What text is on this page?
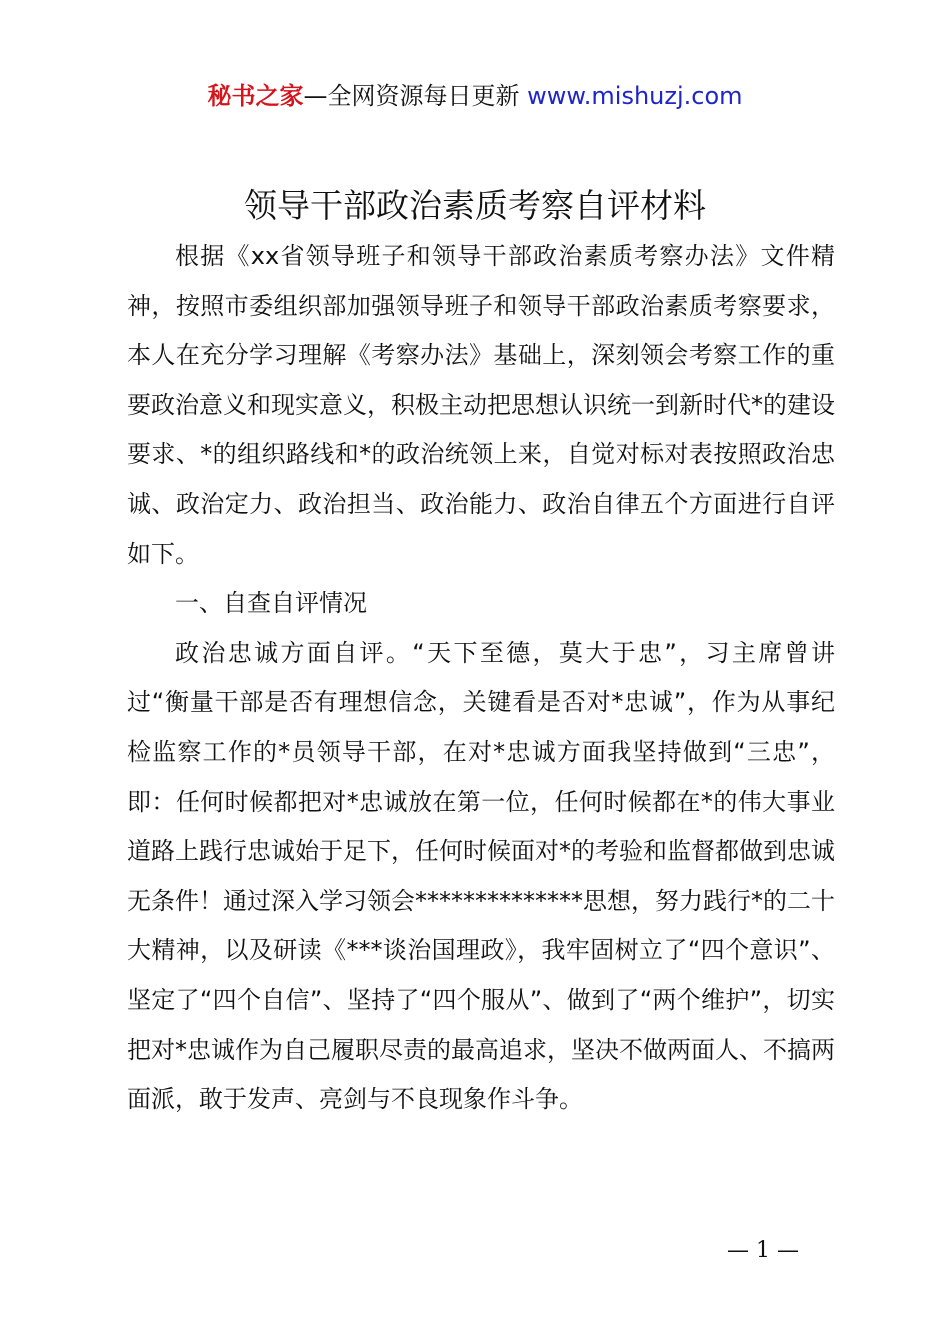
秘书之家—全网资源每日更新 www.mishuzj.com
领导干部政治素质考察自评材料

根据《xx省领导班子和领导干部政治素质考察办法》文件精神，按照市委组织部加强领导班子和领导干部政治素质考察要求，本人在充分学习理解《考察办法》基础上，深刻领会考察工作的重要政治意义和现实意义，积极主动把思想认识统一到新时代*的建设要求、*的组织路线和*的政治统领上来，自觉对标对表按照政治忠诚、政治定力、政治担当、政治能力、政治自律五个方面进行自评如下。

一、自查自评情况

政治忠诚方面自评。“天下至德，莫大于忠”，习主席曾讲过“衡量干部是否有理想信念，关键看是否对*忠诚”，作为从事纪检监察工作的*员领导干部，在对*忠诚方面我坚持做到“三忠”，即：任何时候都把对*忠诚放在第一位，任何时候都在*的伟大事业道路上践行忠诚始于足下，任何时候面对*的考验和监督都做到忠诚无条件！通过深入学习领会**************思想，努力践行*的二十大精神，以及研读《***谈治国理政》，我牢固树立了“四个意识”、坚定了“四个自信”、坚持了“四个服从”、做到了“两个维护”，切实把对*忠诚作为自己履职尽责的最高追求，坚决不做两面人、不搞两面派，敢于发声、亮剑与不良现象作斗争。

— 1 —
